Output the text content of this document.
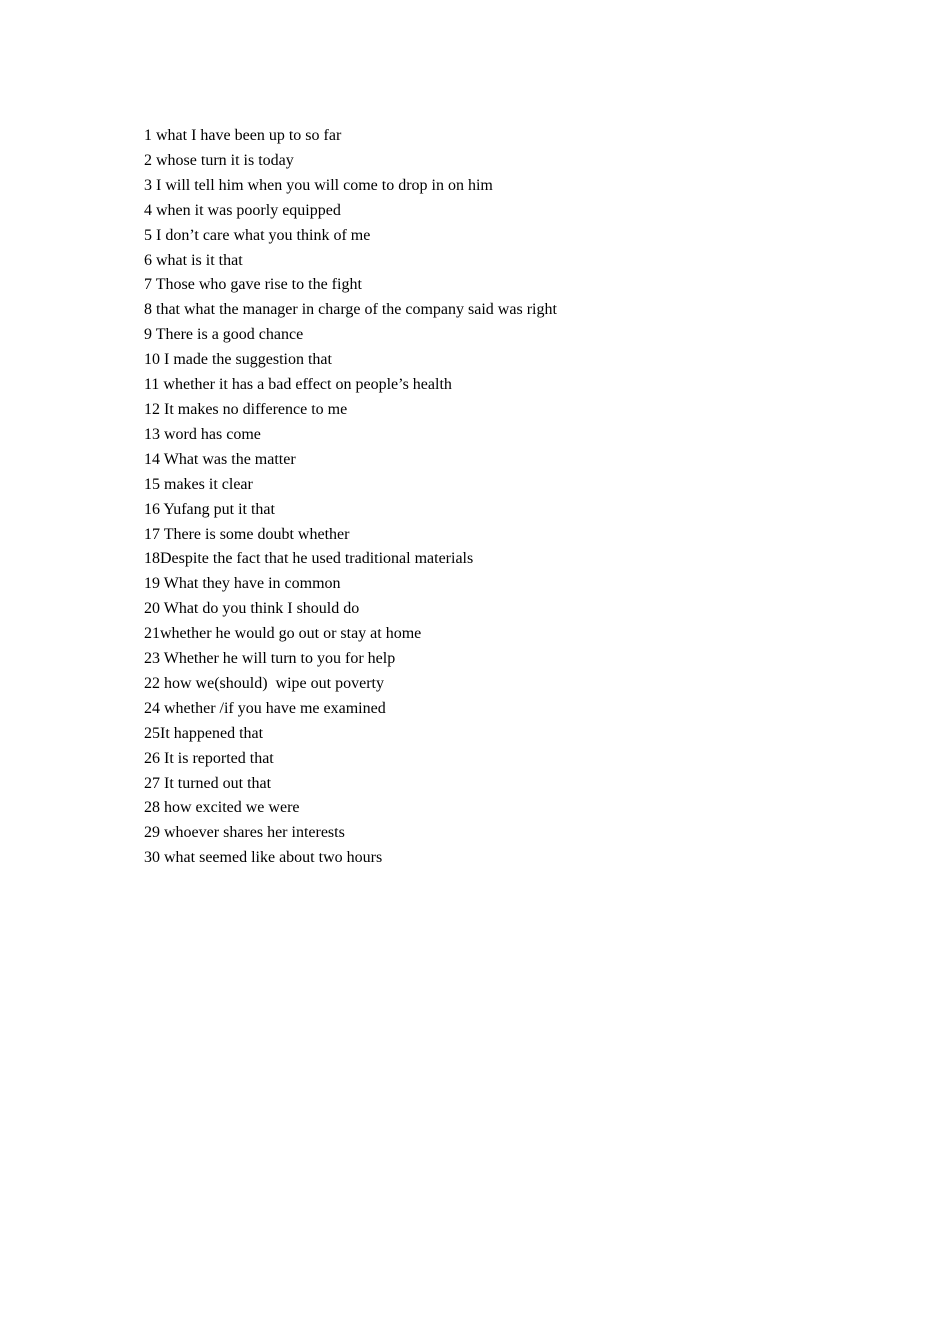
1 what I have been up to so far
2 whose turn it is today
3 I will tell him when you will come to drop in on him
4 when it was poorly equipped
5 I don’t care what you think of me
6 what is it that
7 Those who gave rise to the fight
8 that what the manager in charge of the company said was right
9 There is a good chance
10 I made the suggestion that
11 whether it has a bad effect on people’s health
12 It makes no difference to me
13 word has come
14 What was the matter
15 makes it clear
16 Yufang put it that
17 There is some doubt whether
18Despite the fact that he used traditional materials
19 What they have in common
20 What do you think I should do
21whether he would go out or stay at home
23 Whether he will turn to you for help
22 how we(should)  wipe out poverty
24 whether /if you have me examined
25It happened that
26 It is reported that
27 It turned out that
28 how excited we were
29 whoever shares her interests
30 what seemed like about two hours
